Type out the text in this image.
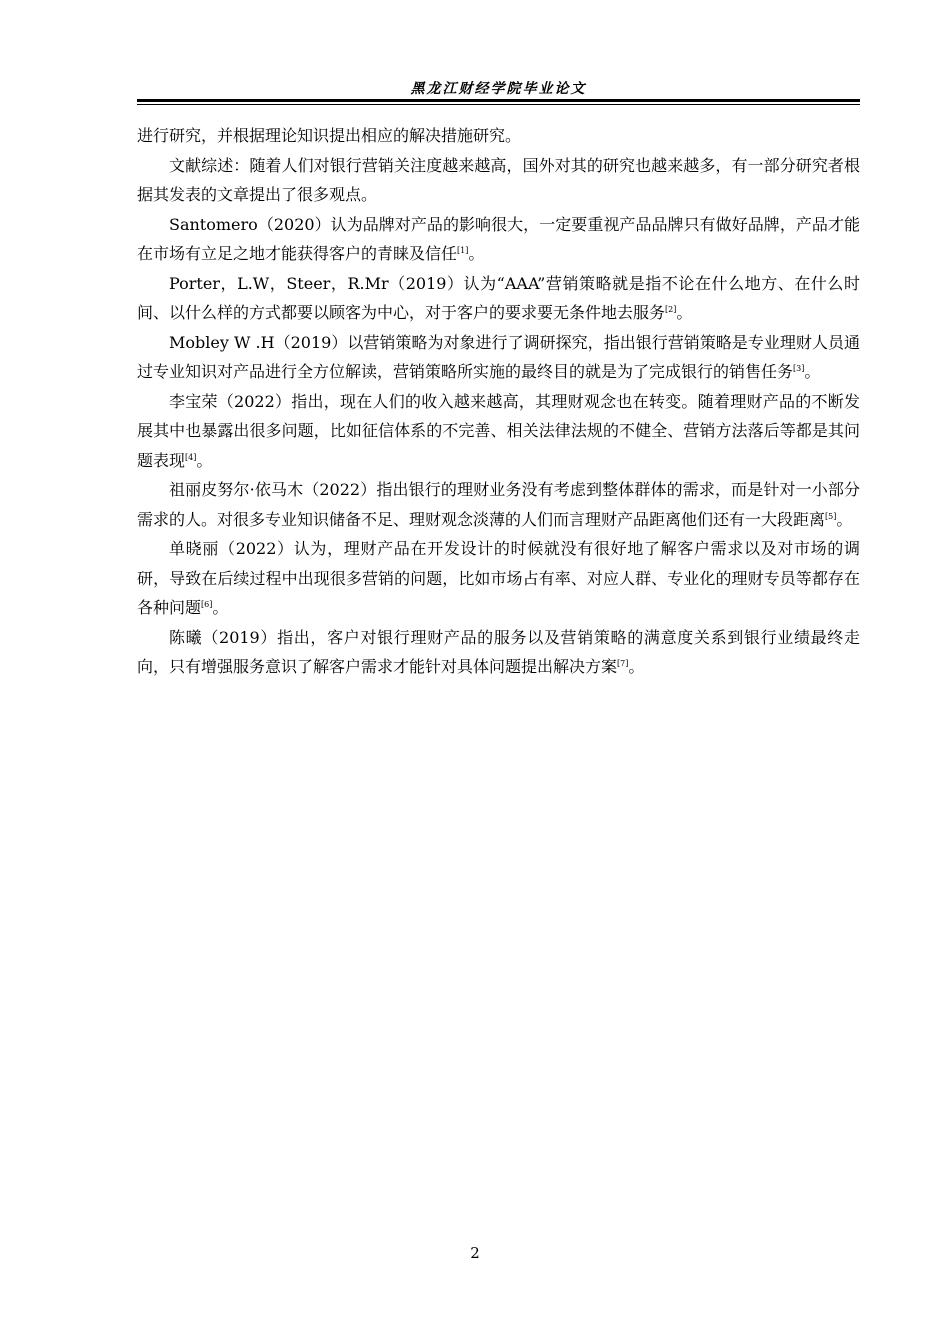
黑龙江财经学院毕业论文

进行研究，并根据理论知识提出相应的解决措施研究。

文献综述：随着人们对银行营销关注度越来越高，国外对其的研究也越来越多，有一部分研究者根据其发表的文章提出了很多观点。

Santomero（2020）认为品牌对产品的影响很大，一定要重视产品品牌只有做好品牌，产品才能在市场有立足之地才能获得客户的青睐及信任[1]。

Porter，L.W，Steer，R.Mr（2019）认为“AAA”营销策略就是指不论在什么地方、在什么时间、以什么样的方式都要以顾客为中心，对于客户的要求要无条件地去服务[2]。

Mobley W .H（2019）以营销策略为对象进行了调研探究，指出银行营销策略是专业理财人员通过专业知识对产品进行全方位解读，营销策略所实施的最终目的就是为了完成银行的销售任务[3]。

李宝荣（2022）指出，现在人们的收入越来越高，其理财观念也在转变。随着理财产品的不断发展其中也暴露出很多问题，比如征信体系的不完善、相关法律法规的不健全、营销方法落后等都是其问题表现[4]。

祖丽皮努尔·依马木（2022）指出银行的理财业务没有考虑到整体群体的需求，而是针对一小部分需求的人。对很多专业知识储备不足、理财观念淡薄的人们而言理财产品距离他们还有一大段距离[5]。

单晓丽（2022）认为，理财产品在开发设计的时候就没有很好地了解客户需求以及对市场的调研，导致在后续过程中出现很多营销的问题，比如市场占有率、对应人群、专业化的理财专员等都存在各种问题[6]。

陈曦（2019）指出，客户对银行理财产品的服务以及营销策略的满意度关系到银行业绩最终走向，只有增强服务意识了解客户需求才能针对具体问题提出解决方案[7]。

2
